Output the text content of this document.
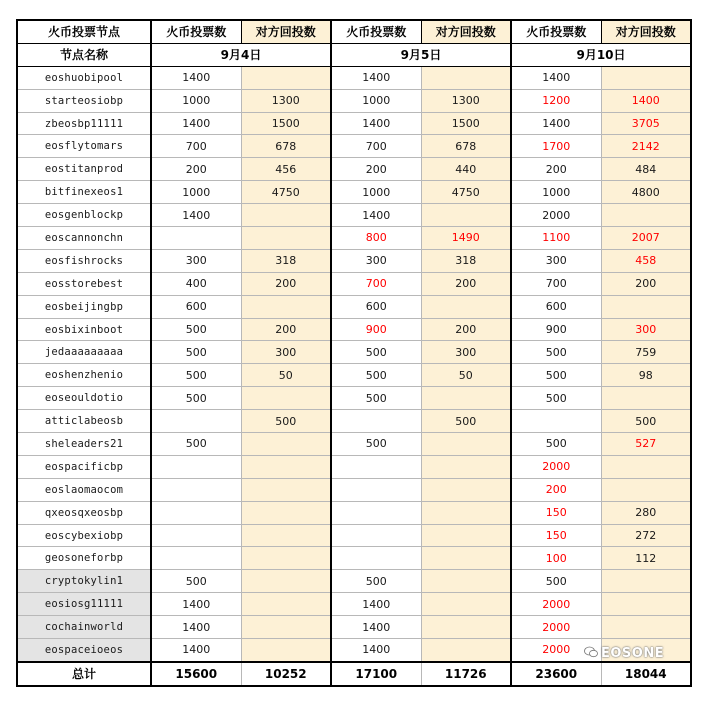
火币投票节点	火币投票数	对方回投数	火币投票数	对方回投数	火币投票数	对方回投数
节点名称	9月4日		9月5日		9月10日	
eoshuobipool	1400		1400		1400	
starteosiobp	1000	1300	1000	1300	1200	1400
zbeosbp11111	1400	1500	1400	1500	1400	3705
eosflytomars	700	678	700	678	1700	2142
eostitanprod	200	456	200	440	200	484
bitfinexeos1	1000	4750	1000	4750	1000	4800
eosgenblockp	1400		1400		2000	
eoscannonchn			800	1490	1100	2007
eosfishrocks	300	318	300	318	300	458
eosstorebest	400	200	700	200	700	200
eosbeijingbp	600		600		600	
eosbixinboot	500	200	900	200	900	300
jedaaaaaaaaa	500	300	500	300	500	759
eoshenzhenio	500	50	500	50	500	98
eoseouldotio	500		500		500	
atticlabeosb		500		500		500
sheleaders21	500		500		500	527
eospacificbp					2000	
eoslaomaocom					200	
qxeosqxeosbp					150	280
eoscybexiobp					150	272
geosoneforbp					100	112
cryptokylin1	500		500		500	
eosiosg11111	1400		1400		2000	
cochainworld	1400		1400		2000	
eospaceioeos	1400		1400		2000	
总计	15600	10252	17100	11726	23600	18044
EOSONE
